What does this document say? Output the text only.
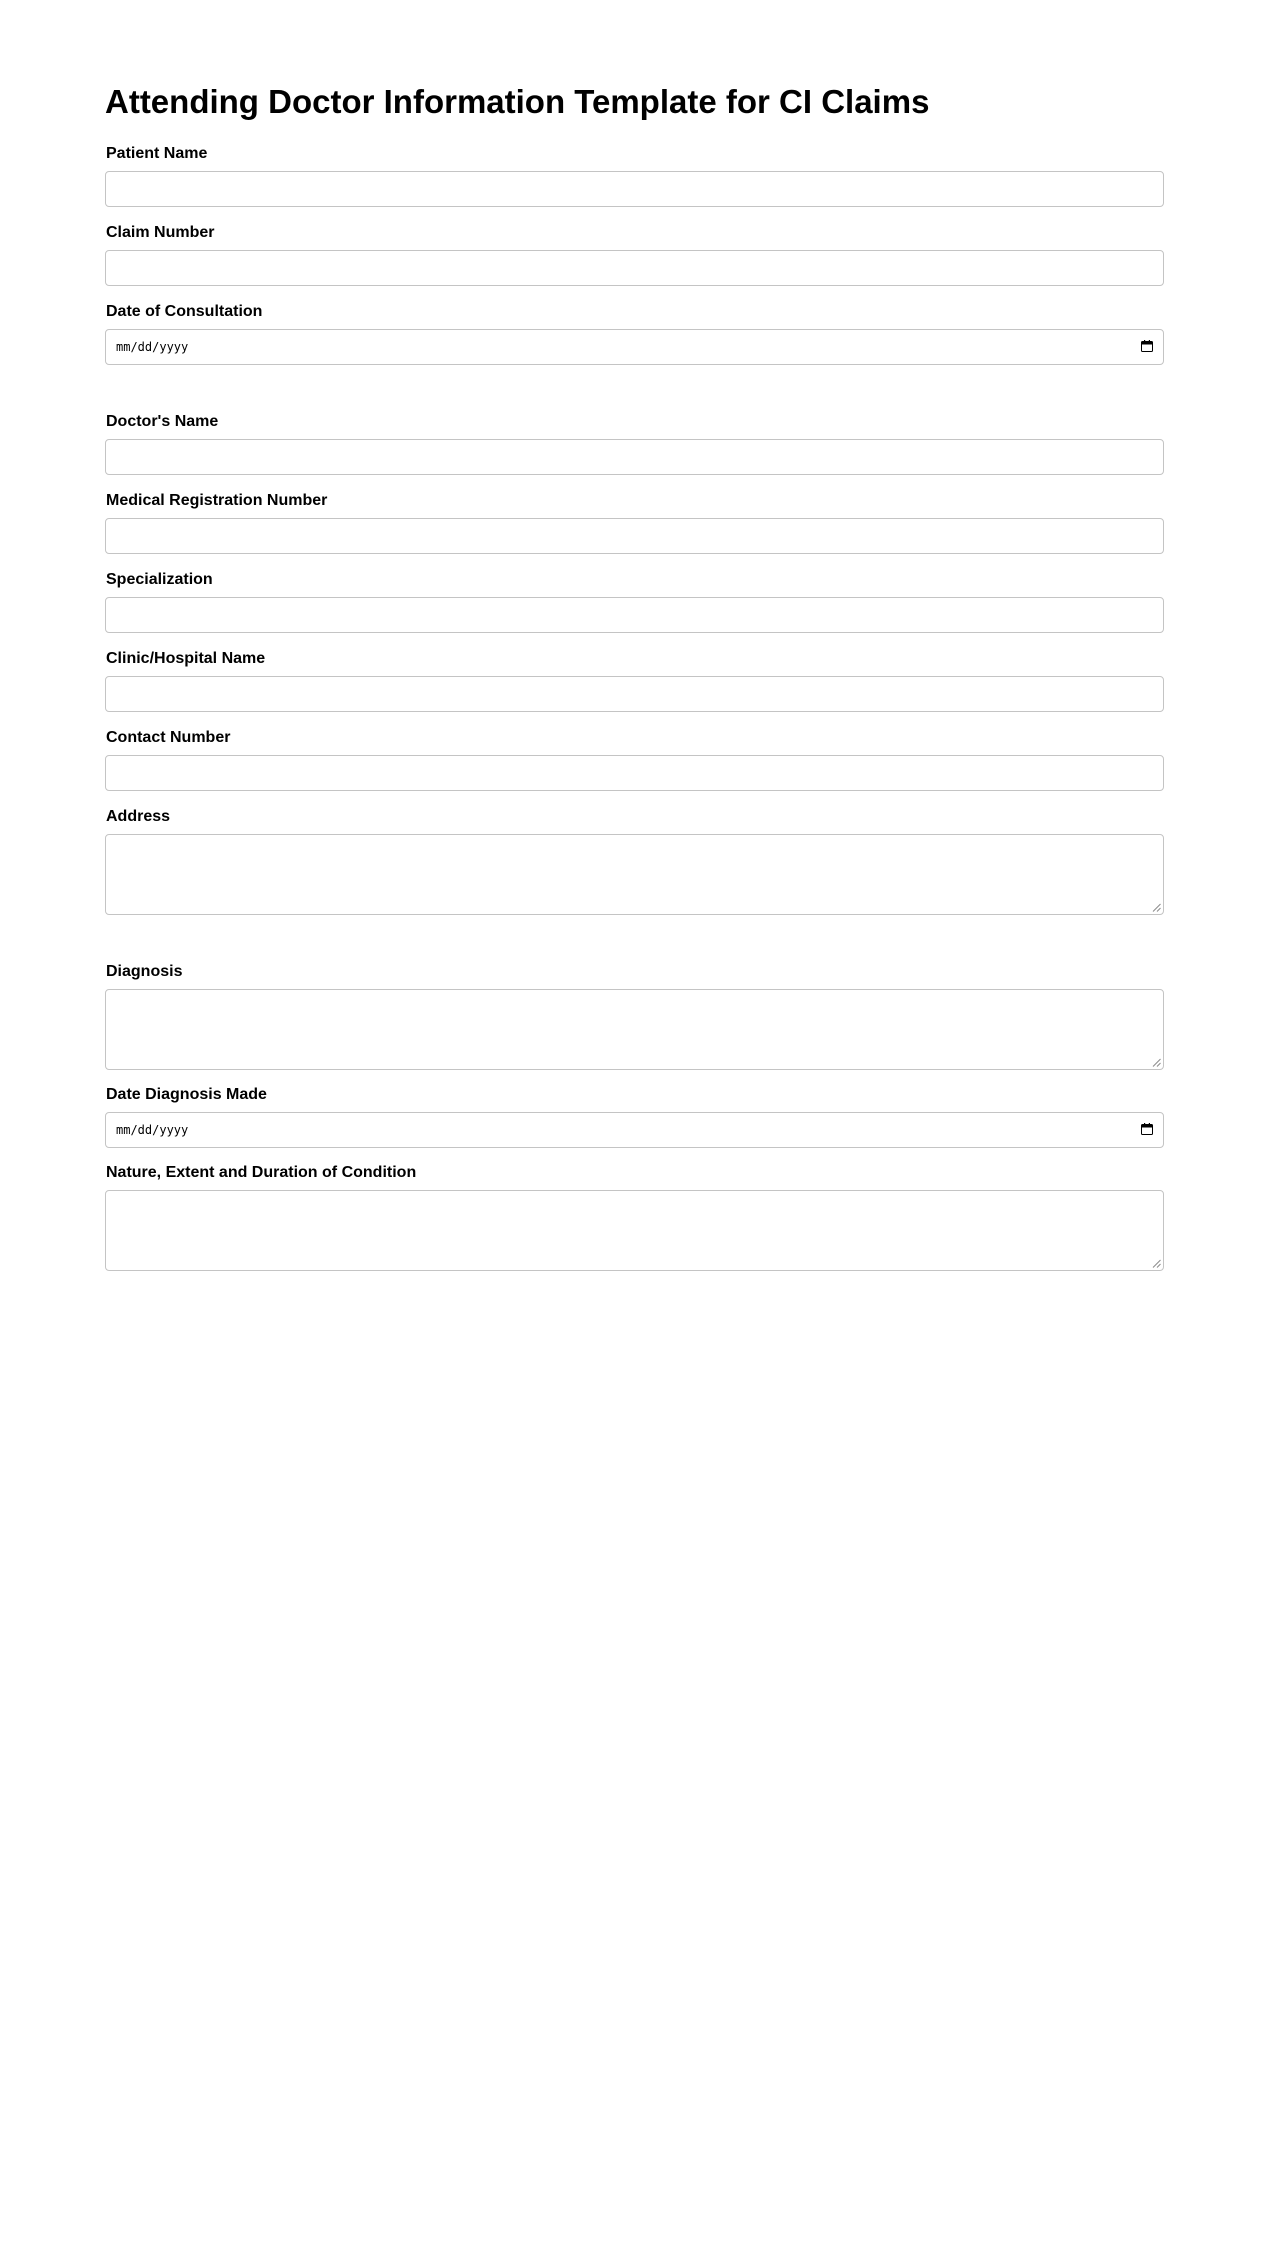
Attending Doctor Information Template for CI Claims
Patient Name
Claim Number
Date of Consultation
mm/dd/yyyy
Doctor's Name
Medical Registration Number
Specialization
Clinic/Hospital Name
Contact Number
Address
Diagnosis
Date Diagnosis Made
mm/dd/yyyy
Nature, Extent and Duration of Condition
